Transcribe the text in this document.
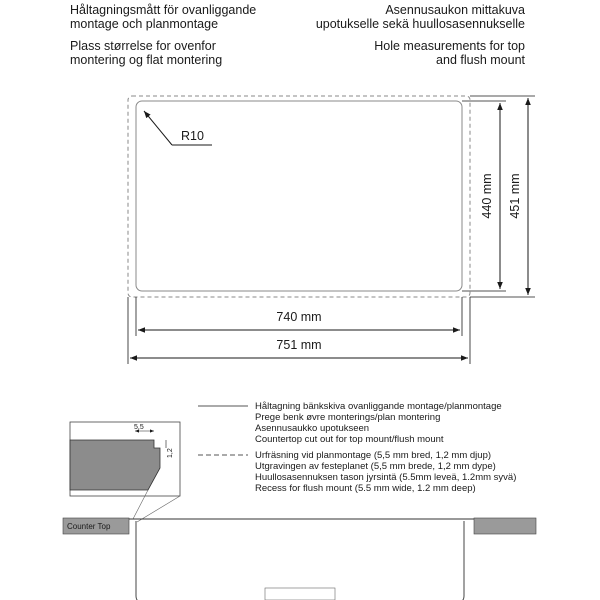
Håltagningsmått för ovanliggande
montage och planmontage
Asennusaukon mittakuva
upotukselle sekä huullosasennukselle
Plass størrelse for ovenfor
montering og flat montering
Hole measurements for top
and flush mount
R10
740 mm
751 mm
440 mm 451 mm
5,5
1,2
Counter Top
Håltagning bänkskiva ovanliggande montage/planmontage
Prege benk øvre monterings/plan montering
Asennusaukko upotukseen
Countertop cut out for top mount/flush mount
Urfräsning vid planmontage (5,5 mm bred, 1,2 mm djup)
Utgravingen av festeplanet (5,5 mm brede, 1,2 mm dype)
Huullosasennuksen tason jyrsintä (5.5mm leveä, 1.2mm syvä)
Recess for flush mount (5.5 mm wide, 1.2 mm deep)
